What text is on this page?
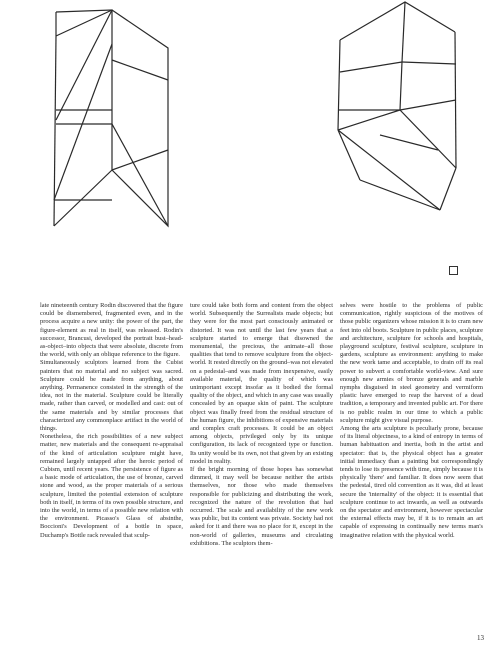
late nineteenth century Rodin discovered that the figure could be dismembered, fragmented even, and in the process acquire a new unity: the power of the part, the figure-element as real in itself, was released. Rodin's successor, Brancusi, developed the portrait bust–head-as-object–into objects that were absolute, discrete from the world, with only an oblique reference to the figure.

Simultaneously sculptors learned from the Cubist painters that no material and no subject was sacred. Sculpture could be made from anything, about anything. Permanence consisted in the strength of the idea, not in the material. Sculpture could be literally made, rather than carved, or modelled and cast: out of the same materials and by similar processes that characterized any commonplace artifact in the world of things.

Nonetheless, the rich possibilities of a new subject matter, new materials and the consequent re-appraisal of the kind of articulation sculpture might have, remained largely untapped after the heroic period of Cubism, until recent years. The persistence of figure as a basic mode of articulation, the use of bronze, carved stone and wood, as the proper materials of a serious sculpture, limited the potential extension of sculpture both in itself, in terms of its own possible structure, and into the world, in terms of a possible new relation with the environment. Picasso's Glass of absinthe, Boccioni's Development of a bottle in space, Duchamp's Bottle rack revealed that sculp-

ture could take both form and content from the object world. Subsequently the Surrealists made objects; but they were for the most part consciously animated or distorted. It was not until the last few years that a sculpture started to emerge that disowned the monumental, the precious, the animate–all those qualities that tend to remove sculpture from the object-world. It rested directly on the ground–was not elevated on a pedestal–and was made from inexpensive, easily available material, the quality of which was unimportant except insofar as it bodied the formal quality of the object, and which in any case was usually concealed by an opaque skin of paint. The sculpture object was finally freed from the residual structure of the human figure, the inhibitions of expensive materials and complex craft processes. It could be an object among objects, privileged only by its unique configuration, its lack of recognized type or function. Its unity would be its own, not that given by an existing model in reality.

If the bright morning of those hopes has somewhat dimmed, it may well be because neither the artists themselves, nor those who made themselves responsible for publicizing and distributing the work, recognized the nature of the revolution that had occurred. The scale and availability of the new work was public, but its content was private. Society had not asked for it and there was no place for it, except in the non-world of galleries, museums and circulating exhibitions. The sculptors them-

selves were hostile to the problems of public communication, rightly suspicious of the motives of those public organizers whose mission it is to cram new feet into old boots. Sculpture in public places, sculpture and architecture, sculpture for schools and hospitals, playground sculpture, festival sculpture, sculpture in gardens, sculpture as environment: anything to make the new work tame and acceptable, to drain off its real power to subvert a comfortable world-view. And sure enough new armies of bronze generals and marble nymphs disguised in steel geometry and vermiform plastic have emerged to reap the harvest of a dead tradition, a temporary and invented public art. For there is no public realm in our time to which a public sculpture might give visual purpose.

Among the arts sculpture is peculiarly prone, because of its literal objectness, to a kind of entropy in terms of human habituation and inertia, both in the artist and spectator: that is, the physical object has a greater initial immediacy than a painting but correspondingly tends to lose its presence with time, simply because it is physically 'there' and familiar. It does now seem that the pedestal, tired old convention as it was, did at least secure the 'internality' of the object: it is essential that sculpture continue to act inwards, as well as outwards on the spectator and environment, however spectacular the external effects may be, if it is to remain an art capable of expressing in continually new terms man's imaginative relation with the physical world.

13
